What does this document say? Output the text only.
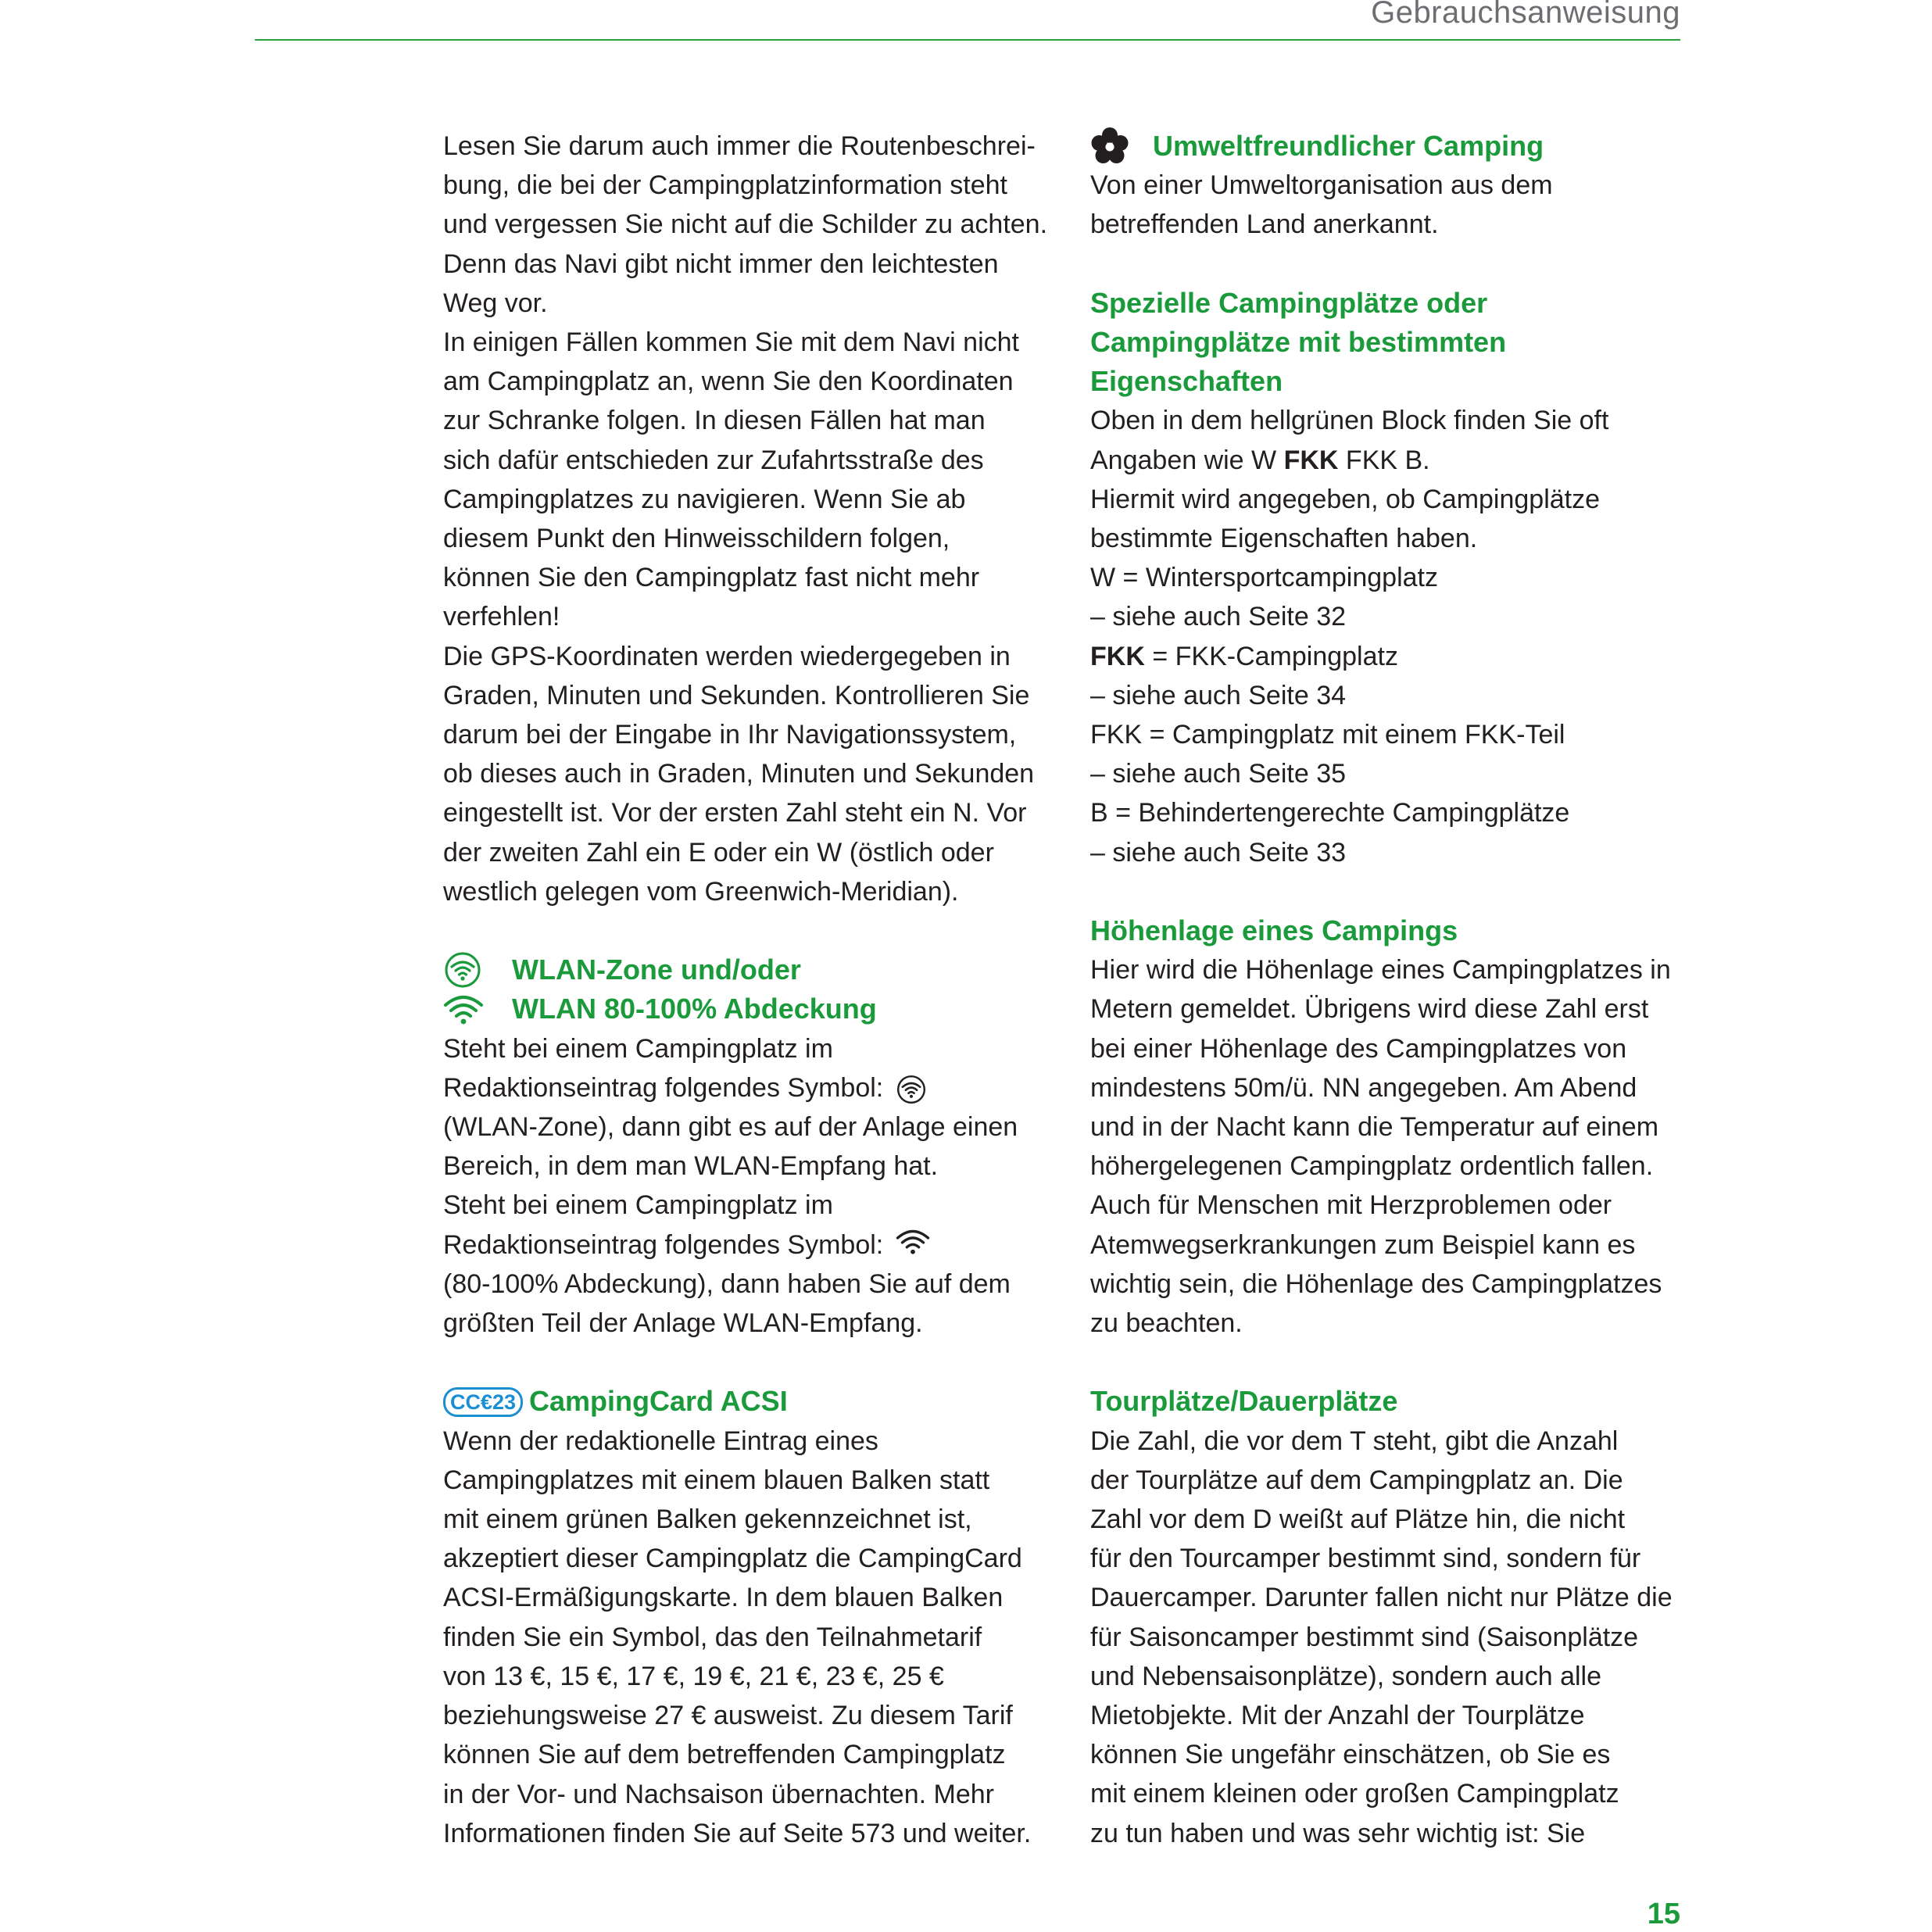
Gebrauchsanweisung
Lesen Sie darum auch immer die Routenbeschrei-
bung, die bei der Campingplatzinformation steht
und vergessen Sie nicht auf die Schilder zu achten.
Denn das Navi gibt nicht immer den leichtesten
Weg vor.
In einigen Fällen kommen Sie mit dem Navi nicht
am Campingplatz an, wenn Sie den Koordinaten
zur Schranke folgen. In diesen Fällen hat man
sich dafür entschieden zur Zufahrtsstraße des
Campingplatzes zu navigieren. Wenn Sie ab
diesem Punkt den Hinweisschildern folgen,
können Sie den Campingplatz fast nicht mehr
verfehlen!
Die GPS-Koordinaten werden wiedergegeben in
Graden, Minuten und Sekunden. Kontrollieren Sie
darum bei der Eingabe in Ihr Navigationssystem,
ob dieses auch in Graden, Minuten und Sekunden
eingestellt ist. Vor der ersten Zahl steht ein N. Vor
der zweiten Zahl ein E oder ein W (östlich oder
westlich gelegen vom Greenwich-Meridian).
WLAN-Zone und/oder
WLAN 80-100% Abdeckung
Steht bei einem Campingplatz im
Redaktionseintrag folgendes Symbol:
(WLAN-Zone), dann gibt es auf der Anlage einen
Bereich, in dem man WLAN-Empfang hat.
Steht bei einem Campingplatz im
Redaktionseintrag folgendes Symbol:
(80-100% Abdeckung), dann haben Sie auf dem
größten Teil der Anlage WLAN-Empfang.
CC€23 CampingCard ACSI
Wenn der redaktionelle Eintrag eines
Campingplatzes mit einem blauen Balken statt
mit einem grünen Balken gekennzeichnet ist,
akzeptiert dieser Campingplatz die CampingCard
ACSI-Ermäßigungskarte. In dem blauen Balken
finden Sie ein Symbol, das den Teilnahmetarif
von 13 €, 15 €, 17 €, 19 €, 21 €, 23 €, 25 €
beziehungsweise 27 € ausweist. Zu diesem Tarif
können Sie auf dem betreffenden Campingplatz
in der Vor- und Nachsaison übernachten. Mehr
Informationen finden Sie auf Seite 573 und weiter.
Umweltfreundlicher Camping
Von einer Umweltorganisation aus dem
betreffenden Land anerkannt.
Spezielle Campingplätze oder
Campingplätze mit bestimmten
Eigenschaften
Oben in dem hellgrünen Block finden Sie oft
Angaben wie W FKK FKK B.
Hiermit wird angegeben, ob Campingplätze
bestimmte Eigenschaften haben.
W = Wintersportcampingplatz
– siehe auch Seite 32
FKK = FKK-Campingplatz
– siehe auch Seite 34
FKK = Campingplatz mit einem FKK-Teil
– siehe auch Seite 35
B = Behindertengerechte Campingplätze
– siehe auch Seite 33
Höhenlage eines Campings
Hier wird die Höhenlage eines Campingplatzes in
Metern gemeldet. Übrigens wird diese Zahl erst
bei einer Höhenlage des Campingplatzes von
mindestens 50m/ü. NN angegeben. Am Abend
und in der Nacht kann die Temperatur auf einem
höhergelegenen Campingplatz ordentlich fallen.
Auch für Menschen mit Herzproblemen oder
Atemwegserkrankungen zum Beispiel kann es
wichtig sein, die Höhenlage des Campingplatzes
zu beachten.
Tourplätze/Dauerplätze
Die Zahl, die vor dem T steht, gibt die Anzahl
der Tourplätze auf dem Campingplatz an. Die
Zahl vor dem D weißt auf Plätze hin, die nicht
für den Tourcamper bestimmt sind, sondern für
Dauercamper. Darunter fallen nicht nur Plätze die
für Saisoncamper bestimmt sind (Saisonplätze
und Nebensaisonplätze), sondern auch alle
Mietobjekte. Mit der Anzahl der Tourplätze
können Sie ungefähr einschätzen, ob Sie es
mit einem kleinen oder großen Campingplatz
zu tun haben und was sehr wichtig ist: Sie
15
